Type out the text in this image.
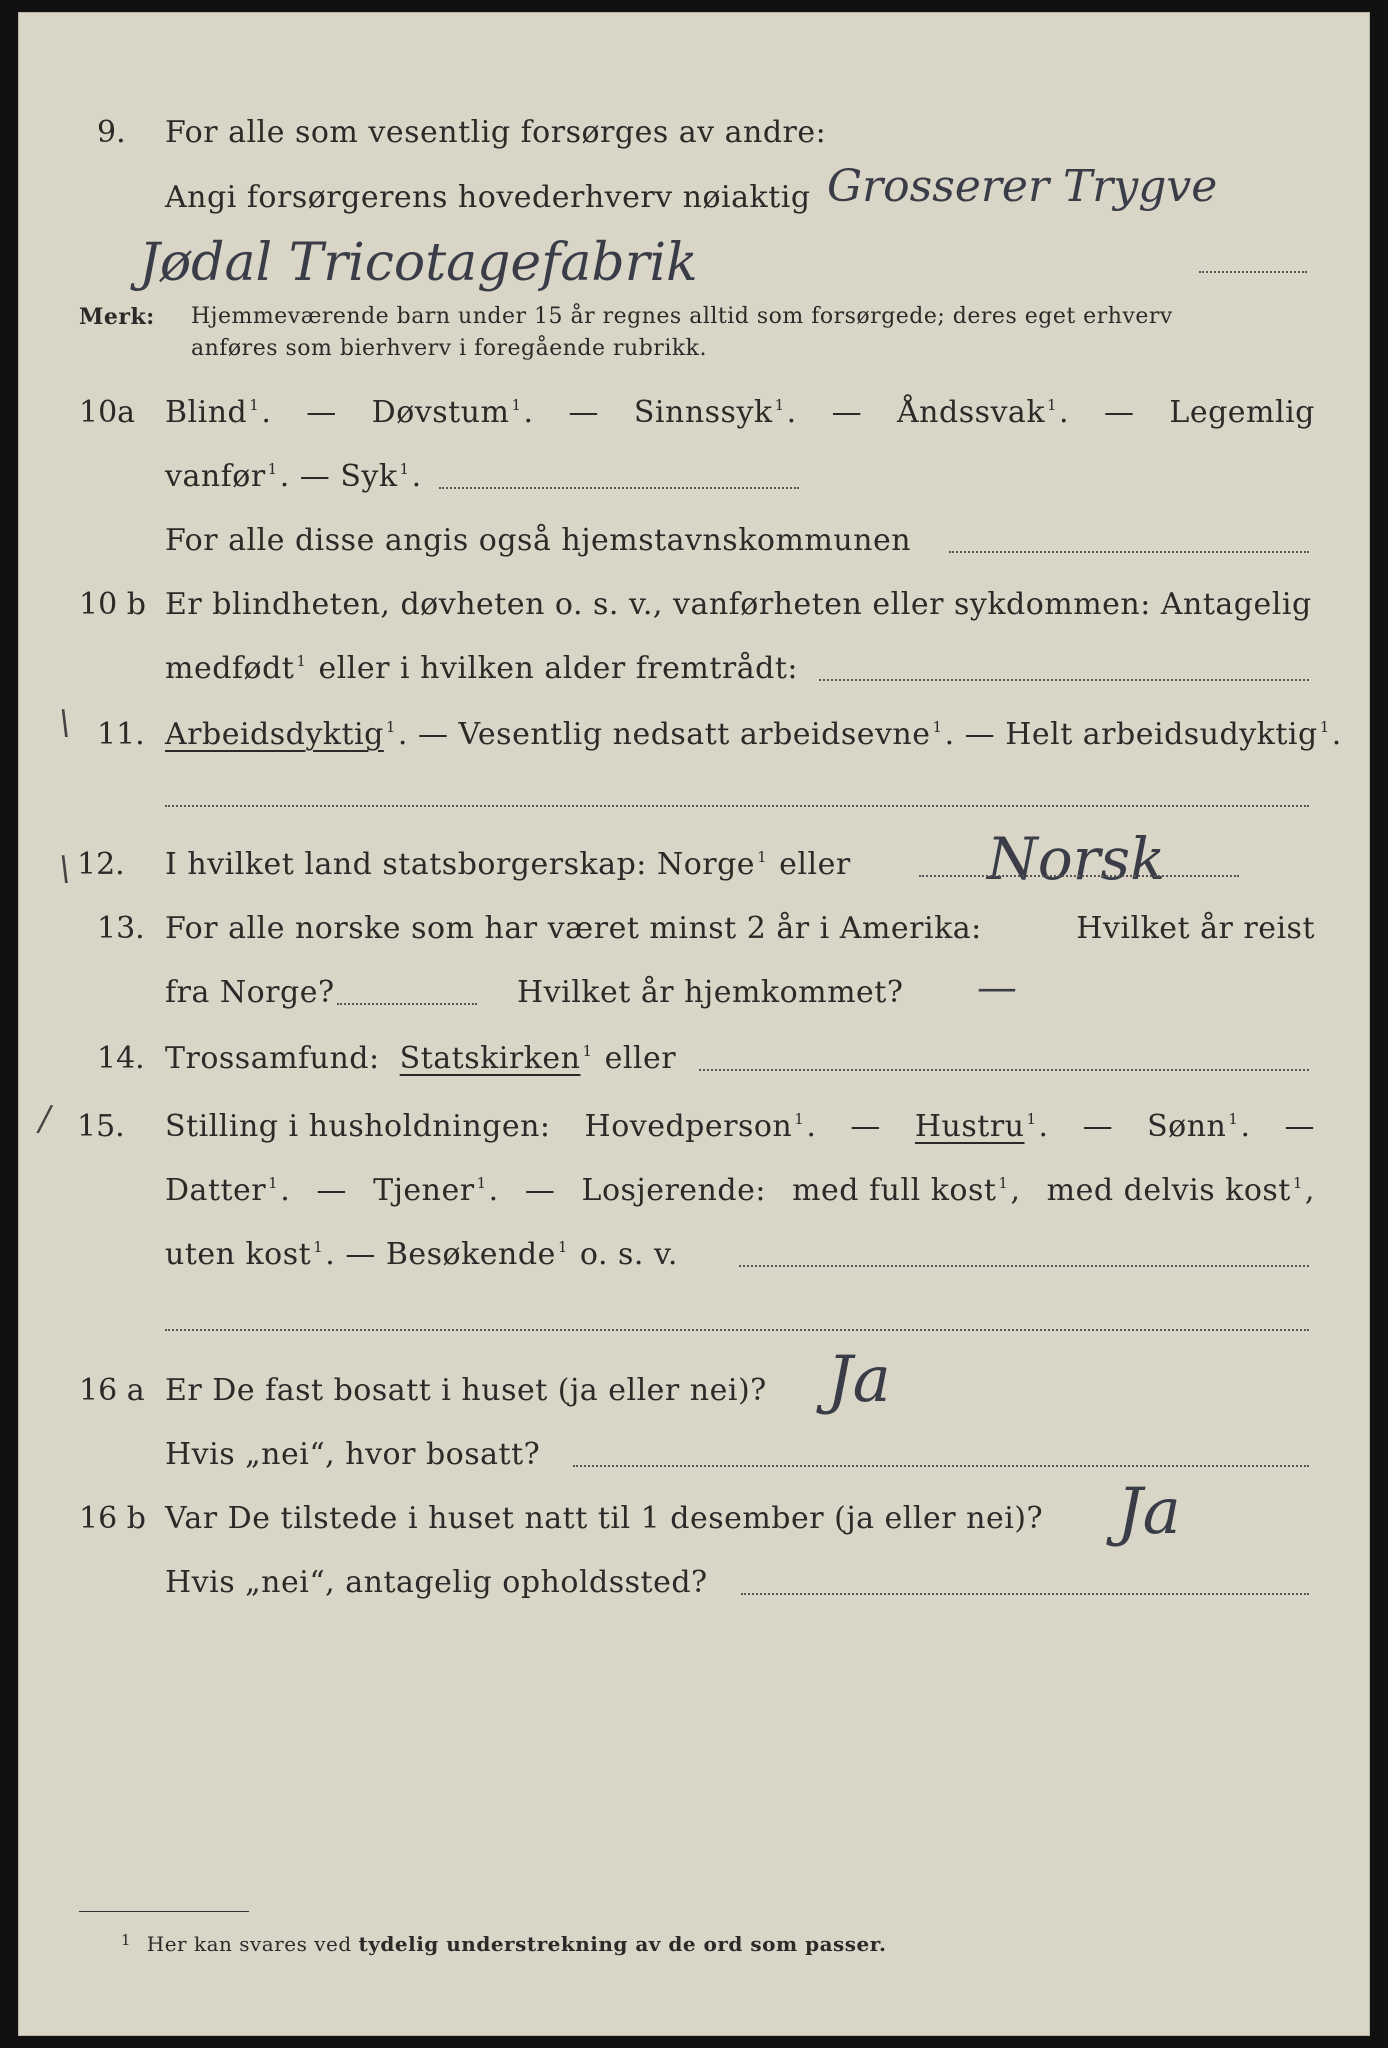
9. For alle som vesentlig forsørges av andre:
Angi forsørgerens hovederhverv nøiaktig Grosserer Trygve
Jødal Tricotagefabrik
Merk: Hjemmeværende barn under 15 år regnes alltid som forsørgede; deres eget erhverv
anføres som bierhverv i foregående rubrikk.
10a Blind $^1$. — Døvstum $^1$. — Sinnssyk $^1$. — Åndssvak $^1$. — Legemlig
vanfør $^1$. — Syk $^1$.
For alle disse angis også hjemstavnskommunen
10 b Er blindheten, døvheten o. s. v., vanførheten eller sykdommen: Antagelig
medfødt $^1$ eller i hvilken alder fremtrådt:
\ 11. Arbeidsdyktig $^1$. — Vesentlig nedsatt arbeidsevne $^1$. — Helt arbeidsudyktig $^1$.
\ 12. I hvilket land statsborgerskap: Norge $^1$ eller Norsk
13. For alle norske som har været minst 2 år i Amerika:	Hvilket år reist
fra Norge?	Hvilket år hjemkommet? —
14. Trossamfund: Statskirken $^1$ eller
/ 15. Stilling i husholdningen: Hovedperson $^1$. — Hustru $^1$. — Sønn $^1$. —
Datter $^1$. — Tjener $^1$. — Losjerende: med full kost $^1$, med delvis kost $^1$,
uten kost $^1$. — Besøkende $^1$ o. s. v.
16 a Er De fast bosatt i huset (ja eller nei)? Ja
Hvis „nei“, hvor bosatt?
16 b Var De tilstede i huset natt til 1 desember (ja eller nei)? Ja
Hvis „nei“, antagelig opholdssted?
$^1$ Her kan svares ved tydelig understrekning av de ord som passer.
